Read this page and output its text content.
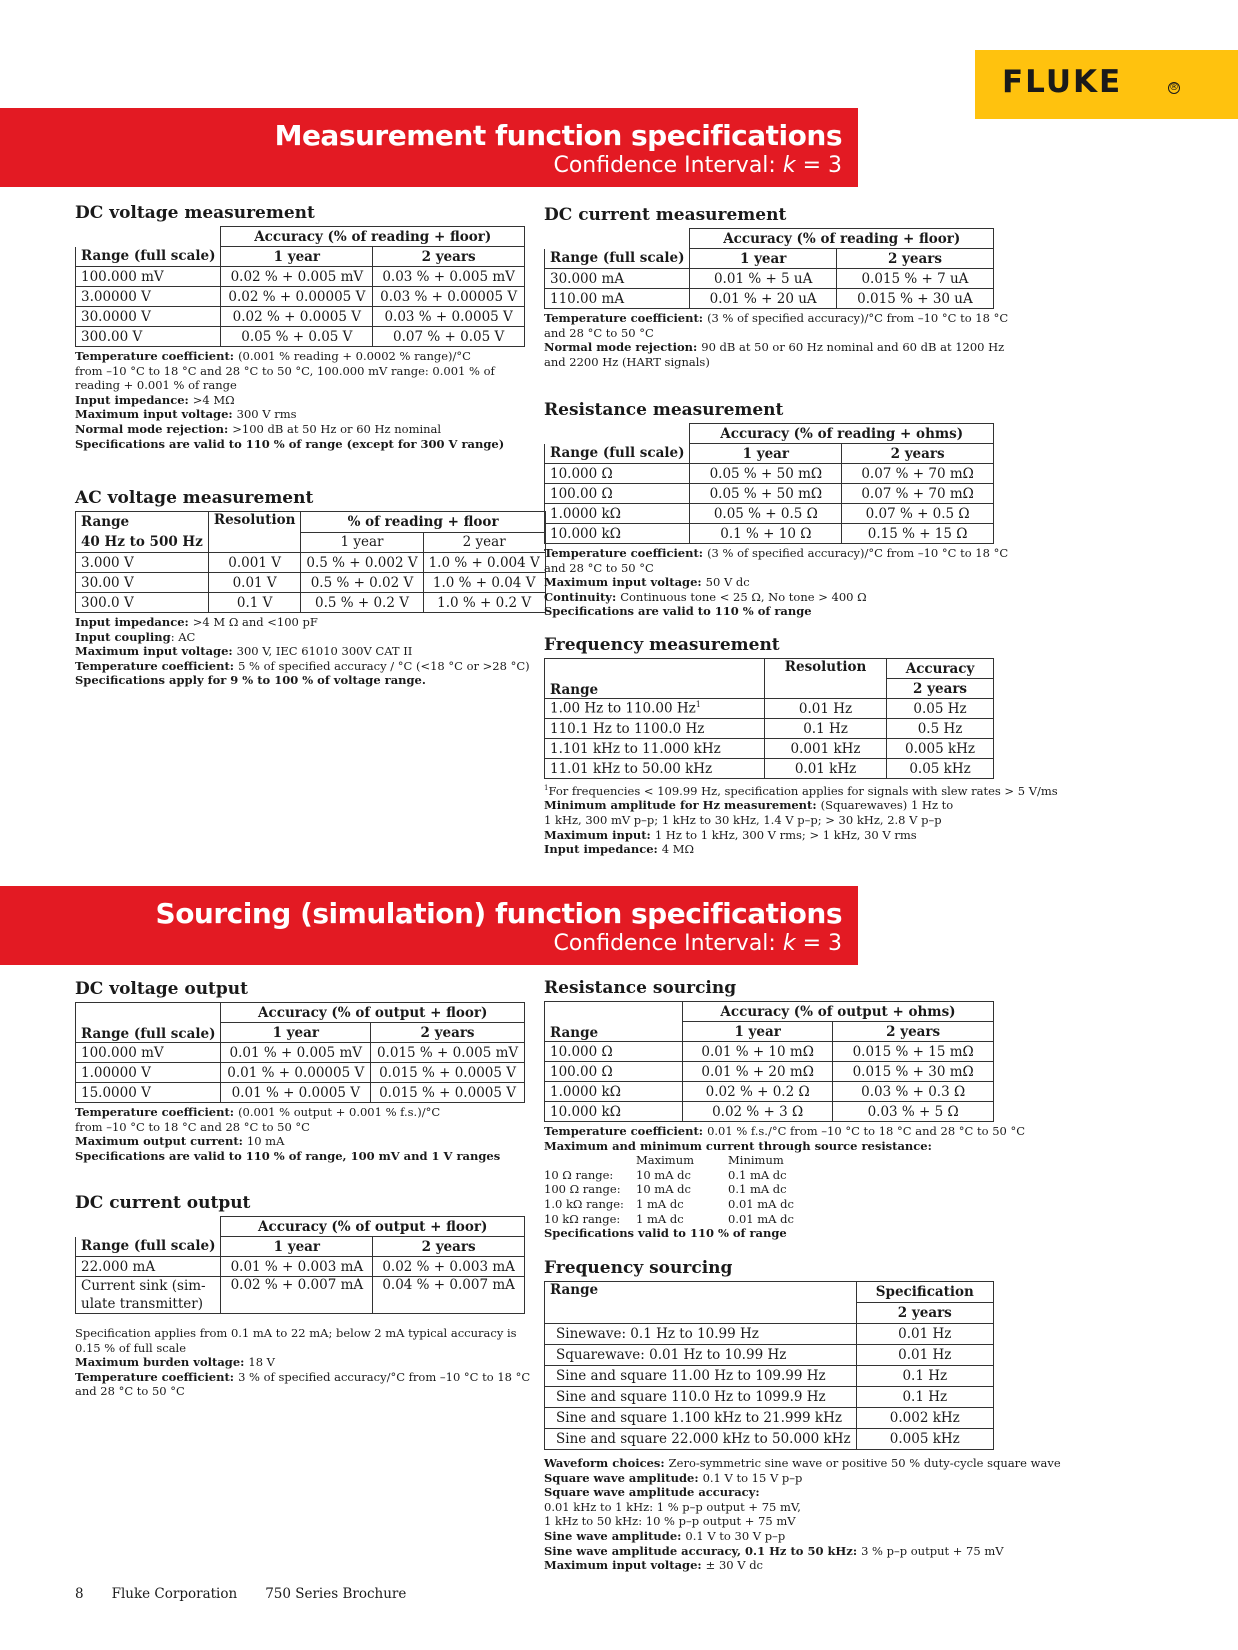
FLUKE	®
Measurement function specifications
Confidence Interval: k = 3
DC voltage measurement
	Accuracy (% of reading + floor)	
Range (full scale)	1 year	2 years
100.000 mV	0.02 % + 0.005 mV	0.03 % + 0.005 mV
3.00000 V	0.02 % + 0.00005 V	0.03 % + 0.00005 V
30.0000 V	0.02 % + 0.0005 V	0.03 % + 0.0005 V
300.00 V	0.05 % + 0.05 V	0.07 % + 0.05 V
Temperature coefficient: (0.001 % reading + 0.0002 % range)/°C
from –10 °C to 18 °C and 28 °C to 50 °C, 100.000 mV range: 0.001 % of
reading + 0.001 % of range
Input impedance: >4 MΩ
Maximum input voltage: 300 V rms
Normal mode rejection: >100 dB at 50 Hz or 60 Hz nominal
Specifications are valid to 110 % of range (except for 300 V range)
AC voltage measurement
Range
40 Hz to 500 Hz	Resolution	% of reading + floor	
		1 year	2 year
3.000 V	0.001 V	0.5 % + 0.002 V	1.0 % + 0.004 V
30.00 V	0.01 V	0.5 % + 0.02 V	1.0 % + 0.04 V
300.0 V	0.1 V	0.5 % + 0.2 V	1.0 % + 0.2 V
Input impedance: >4 M Ω and <100 pF
Input coupling: AC
Maximum input voltage: 300 V, IEC 61010 300V CAT II
Temperature coefficient: 5 % of specified accuracy / °C (<18 °C or >28 °C)
Specifications apply for 9 % to 100 % of voltage range.
DC current measurement
	Accuracy (% of reading + floor)	
Range (full scale)	1 year	2 years
30.000 mA	0.01 % + 5 uA	0.015 % + 7 uA
110.00 mA	0.01 % + 20 uA	0.015 % + 30 uA
Temperature coefficient: (3 % of specified accuracy)/°C from –10 °C to 18 °C
and 28 °C to 50 °C
Normal mode rejection: 90 dB at 50 or 60 Hz nominal and 60 dB at 1200 Hz
and 2200 Hz (HART signals)
Resistance measurement
	Accuracy (% of reading + ohms)	
Range (full scale)	1 year	2 years
10.000 Ω	0.05 % + 50 mΩ	0.07 % + 70 mΩ
100.00 Ω	0.05 % + 50 mΩ	0.07 % + 70 mΩ
1.0000 kΩ	0.05 % + 0.5 Ω	0.07 % + 0.5 Ω
10.000 kΩ	0.1 % + 10 Ω	0.15 % + 15 Ω
Temperature coefficient: (3 % of specified accuracy)/°C from –10 °C to 18 °C
and 28 °C to 50 °C
Maximum input voltage: 50 V dc
Continuity: Continuous tone < 25 Ω, No tone > 400 Ω
Specifications are valid to 110 % of range
Frequency measurement
Range	Resolution	Accuracy
		2 years
1.00 Hz to 110.00 Hz$^1$	0.01 Hz	0.05 Hz
110.1 Hz to 1100.0 Hz	0.1 Hz	0.5 Hz
1.101 kHz to 11.000 kHz	0.001 kHz	0.005 kHz
11.01 kHz to 50.00 kHz	0.01 kHz	0.05 kHz
$^1$For frequencies < 109.99 Hz, specification applies for signals with slew rates > 5 V/ms
Minimum amplitude for Hz measurement: (Squarewaves) 1 Hz to
1 kHz, 300 mV p–p; 1 kHz to 30 kHz, 1.4 V p–p; > 30 kHz, 2.8 V p–p
Maximum input: 1 Hz to 1 kHz, 300 V rms; > 1 kHz, 30 V rms
Input impedance: 4 MΩ
Sourcing (simulation) function specifications
Confidence Interval: k = 3
DC voltage output
Range (full scale)	Accuracy (% of output + floor)	
	1 year	2 years
100.000 mV	0.01 % + 0.005 mV	0.015 % + 0.005 mV
1.00000 V	0.01 % + 0.00005 V	0.015 % + 0.0005 V
15.0000 V	0.01 % + 0.0005 V	0.015 % + 0.0005 V
Temperature coefficient: (0.001 % output + 0.001 % f.s.)/°C
from –10 °C to 18 °C and 28 °C to 50 °C
Maximum output current: 10 mA
Specifications are valid to 110 % of range, 100 mV and 1 V ranges
DC current output
	Accuracy (% of output + floor)	
Range (full scale)	1 year	2 years
22.000 mA	0.01 % + 0.003 mA	0.02 % + 0.003 mA
Current sink (sim-
ulate transmitter)	0.02 % + 0.007 mA	0.04 % + 0.007 mA
Specification applies from 0.1 mA to 22 mA; below 2 mA typical accuracy is
0.15 % of full scale
Maximum burden voltage: 18 V
Temperature coefficient: 3 % of specified accuracy/°C from –10 °C to 18 °C
and 28 °C to 50 °C
Resistance sourcing
Range	Accuracy (% of output + ohms)	
	1 year	2 years
10.000 Ω	0.01 % + 10 mΩ	0.015 % + 15 mΩ
100.00 Ω	0.01 % + 20 mΩ	0.015 % + 30 mΩ
1.0000 kΩ	0.02 % + 0.2 Ω	0.03 % + 0.3 Ω
10.000 kΩ	0.02 % + 3 Ω	0.03 % + 5 Ω
Temperature coefficient: 0.01 % f.s./°C from –10 °C to 18 °C and 28 °C to 50 °C
Maximum and minimum current through source resistance:
Maximum	Minimum
10 Ω range:	10 mA dc	0.1 mA dc
100 Ω range:	10 mA dc	0.1 mA dc
1.0 kΩ range:	1 mA dc	0.01 mA dc
10 kΩ range:	1 mA dc	0.01 mA dc
Specifications valid to 110 % of range
Frequency sourcing
Range	Specification
	2 years
Sinewave: 0.1 Hz to 10.99 Hz	0.01 Hz
Squarewave: 0.01 Hz to 10.99 Hz	0.01 Hz
Sine and square 11.00 Hz to 109.99 Hz	0.1 Hz
Sine and square 110.0 Hz to 1099.9 Hz	0.1 Hz
Sine and square 1.100 kHz to 21.999 kHz	0.002 kHz
Sine and square 22.000 kHz to 50.000 kHz	0.005 kHz
Waveform choices: Zero-symmetric sine wave or positive 50 % duty-cycle square wave
Square wave amplitude: 0.1 V to 15 V p–p
Square wave amplitude accuracy:
0.01 kHz to 1 kHz: 1 % p–p output + 75 mV,
1 kHz to 50 kHz: 10 % p–p output + 75 mV
Sine wave amplitude: 0.1 V to 30 V p–p
Sine wave amplitude accuracy, 0.1 Hz to 50 kHz: 3 % p–p output + 75 mV
Maximum input voltage: ± 30 V dc
8 Fluke Corporation 750 Series Brochure
